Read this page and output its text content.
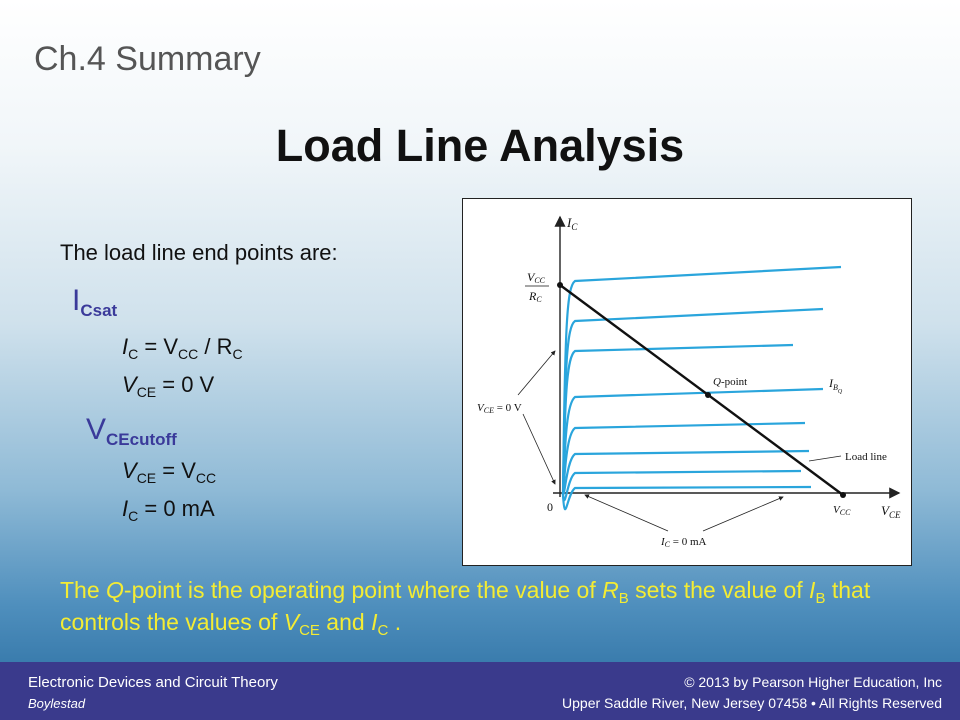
Ch.4 Summary
Load Line Analysis
The load line end points are:
$I_{Csat}$
$I_C = V_{CC} / R_C$
$V_{CE} = 0$ V
$V_{CEcutoff}$
$V_{CE} = V_{CC}$
$I_C = 0$ mA
$I_C$
$V_{CE}$
0
VCC
RC
VCE = 0 V
Q-point	$I_{BQ}$
Load line
VCC
IC = 0 mA
The Q-point is the operating point where the value of $R_B$ sets the value of $I_B$ that controls the values of $V_{CE}$ and $I_C$ .
Electronic Devices and Circuit Theory
Boylestad
© 2013 by Pearson Higher Education, Inc
Upper Saddle River, New Jersey 07458 • All Rights Reserved
